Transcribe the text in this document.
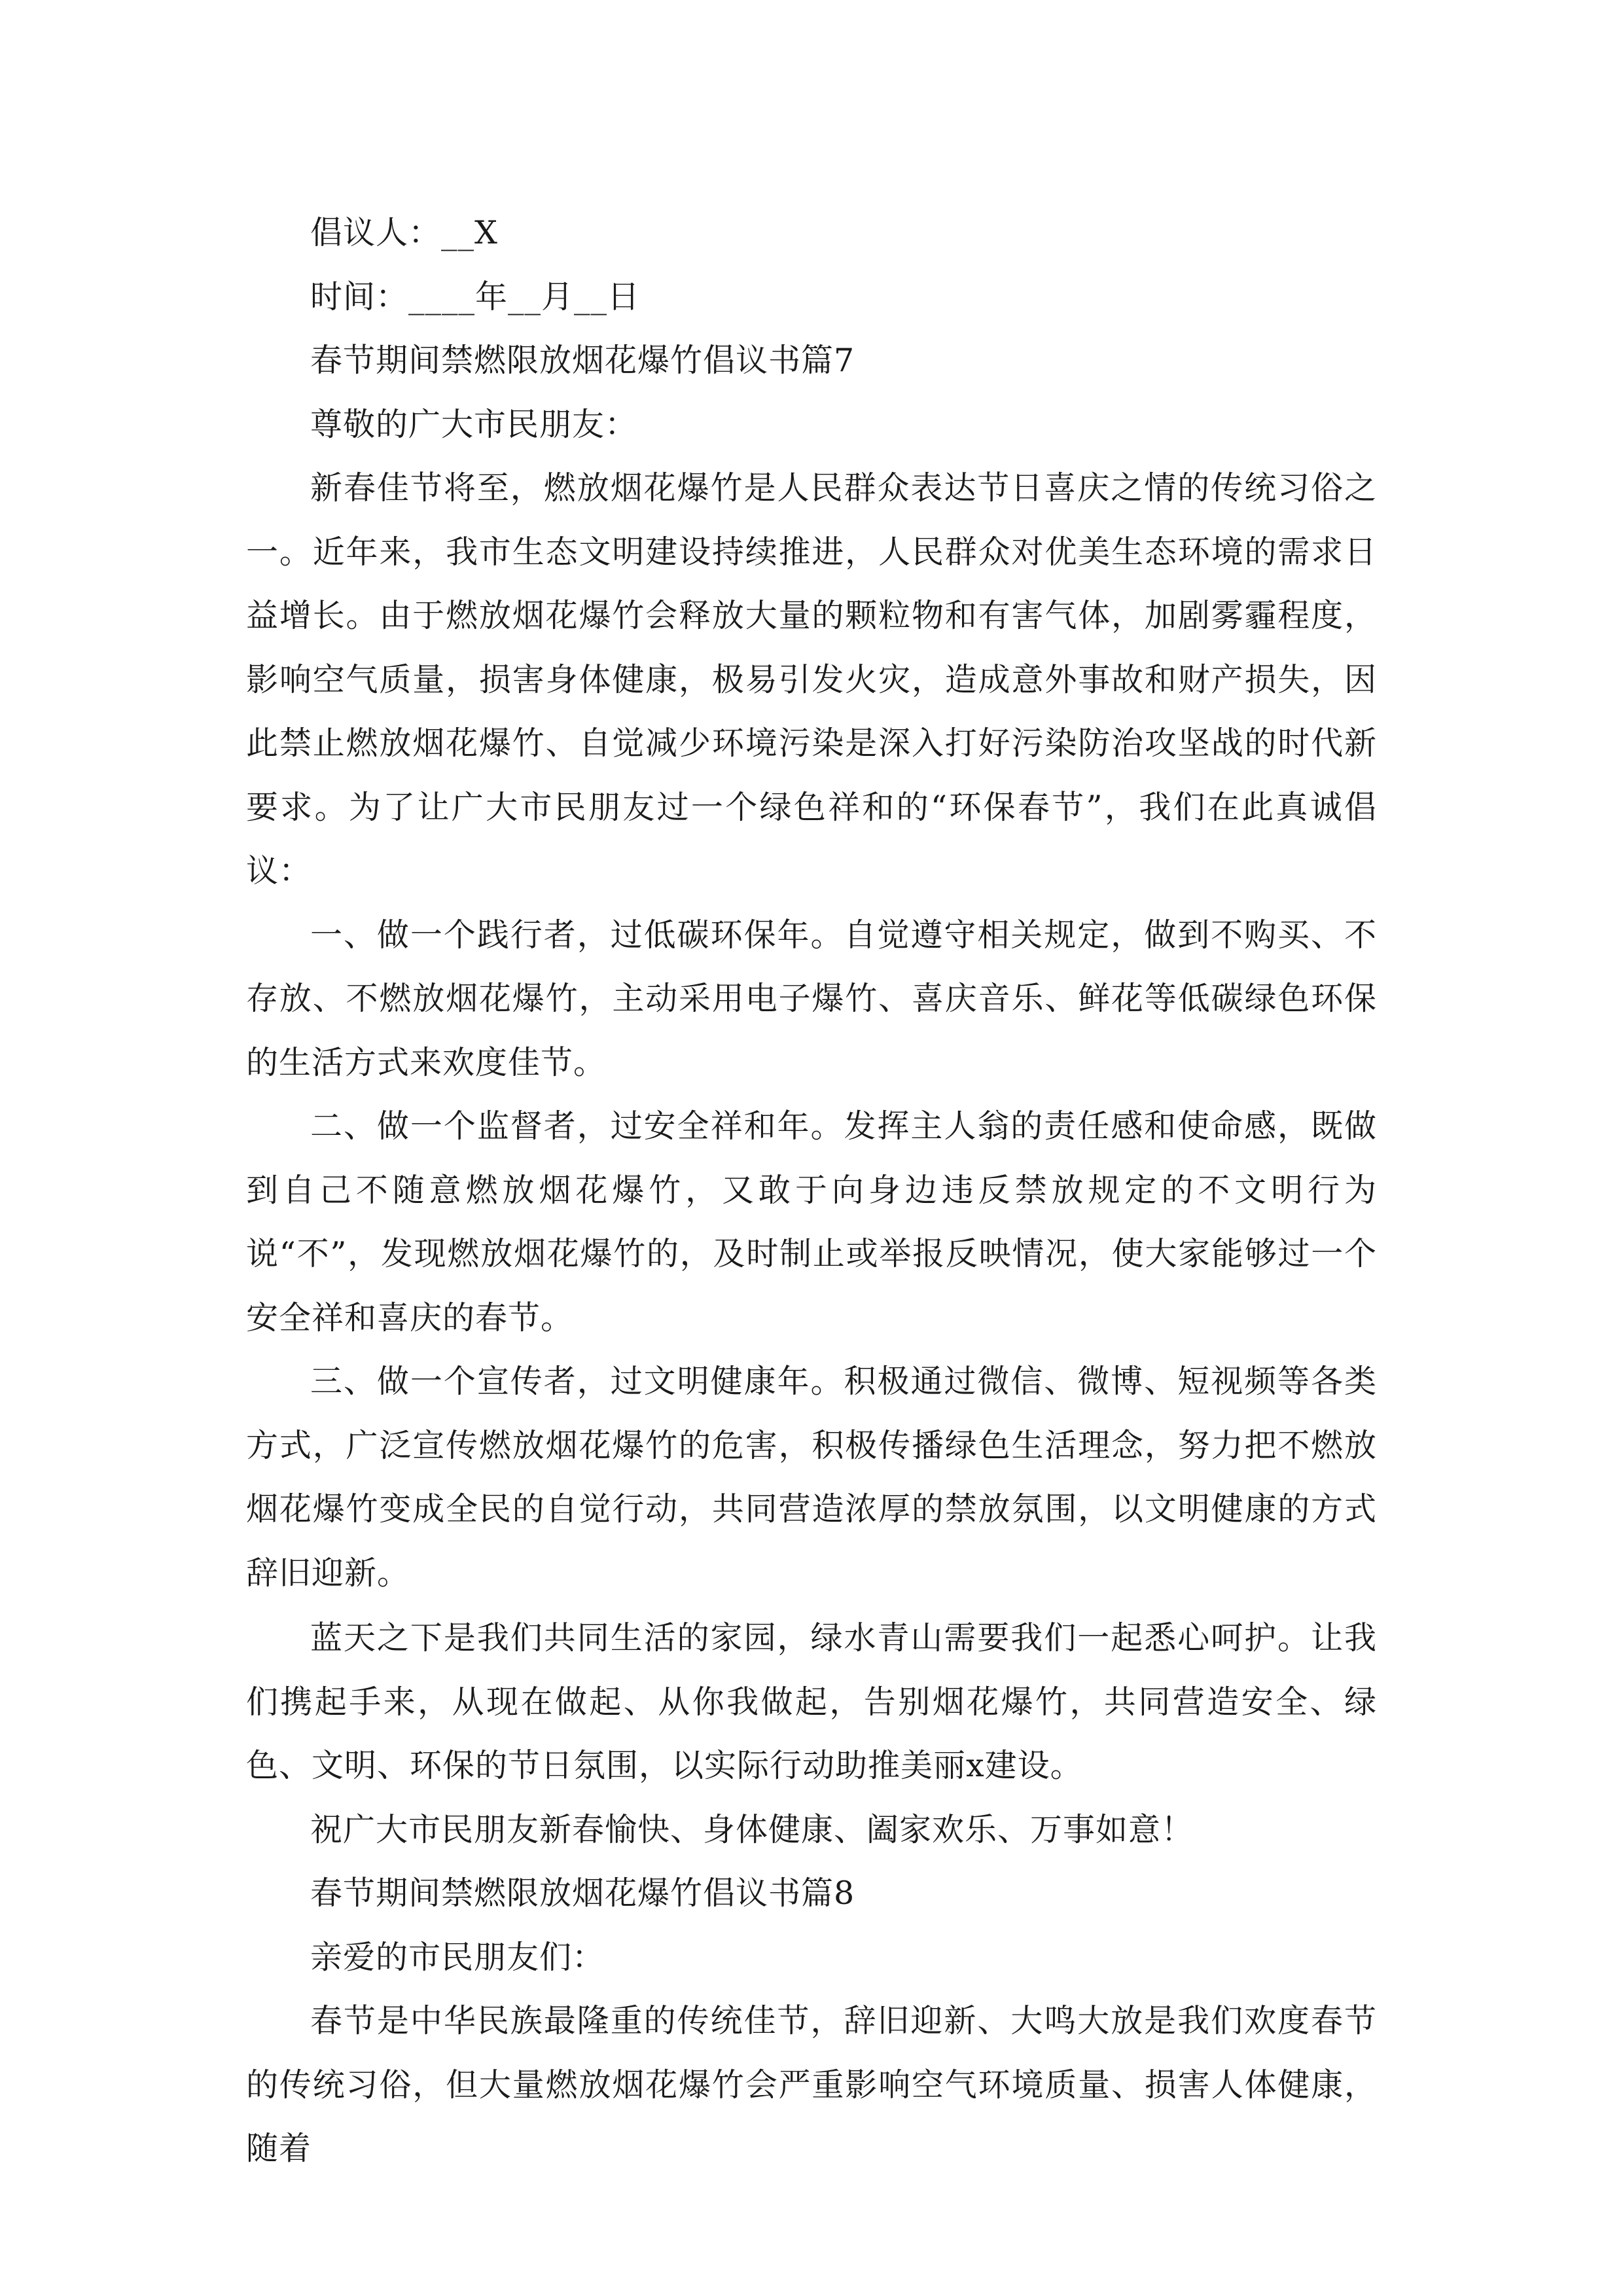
倡议人：__X

时间：____年__月__日

春节期间禁燃限放烟花爆竹倡议书篇7

尊敬的广大市民朋友：

新春佳节将至，燃放烟花爆竹是人民群众表达节日喜庆之情的传统习俗之一。近年来，我市生态文明建设持续推进，人民群众对优美生态环境的需求日益增长。由于燃放烟花爆竹会释放大量的颗粒物和有害气体，加剧雾霾程度，影响空气质量，损害身体健康，极易引发火灾，造成意外事故和财产损失，因此禁止燃放烟花爆竹、自觉减少环境污染是深入打好污染防治攻坚战的时代新要求。为了让广大市民朋友过一个绿色祥和的“环保春节”，我们在此真诚倡议：

一、做一个践行者，过低碳环保年。自觉遵守相关规定，做到不购买、不存放、不燃放烟花爆竹，主动采用电子爆竹、喜庆音乐、鲜花等低碳绿色环保的生活方式来欢度佳节。

二、做一个监督者，过安全祥和年。发挥主人翁的责任感和使命感，既做到自己不随意燃放烟花爆竹，又敢于向身边违反禁放规定的不文明行为说“不”，发现燃放烟花爆竹的，及时制止或举报反映情况，使大家能够过一个安全祥和喜庆的春节。

三、做一个宣传者，过文明健康年。积极通过微信、微博、短视频等各类方式，广泛宣传燃放烟花爆竹的危害，积极传播绿色生活理念，努力把不燃放烟花爆竹变成全民的自觉行动，共同营造浓厚的禁放氛围，以文明健康的方式辞旧迎新。

蓝天之下是我们共同生活的家园，绿水青山需要我们一起悉心呵护。让我们携起手来，从现在做起、从你我做起，告别烟花爆竹，共同营造安全、绿色、文明、环保的节日氛围，以实际行动助推美丽x建设。

祝广大市民朋友新春愉快、身体健康、阖家欢乐、万事如意！

春节期间禁燃限放烟花爆竹倡议书篇8

亲爱的市民朋友们：

春节是中华民族最隆重的传统佳节，辞旧迎新、大鸣大放是我们欢度春节的传统习俗，但大量燃放烟花爆竹会严重影响空气环境质量、损害人体健康，随着
